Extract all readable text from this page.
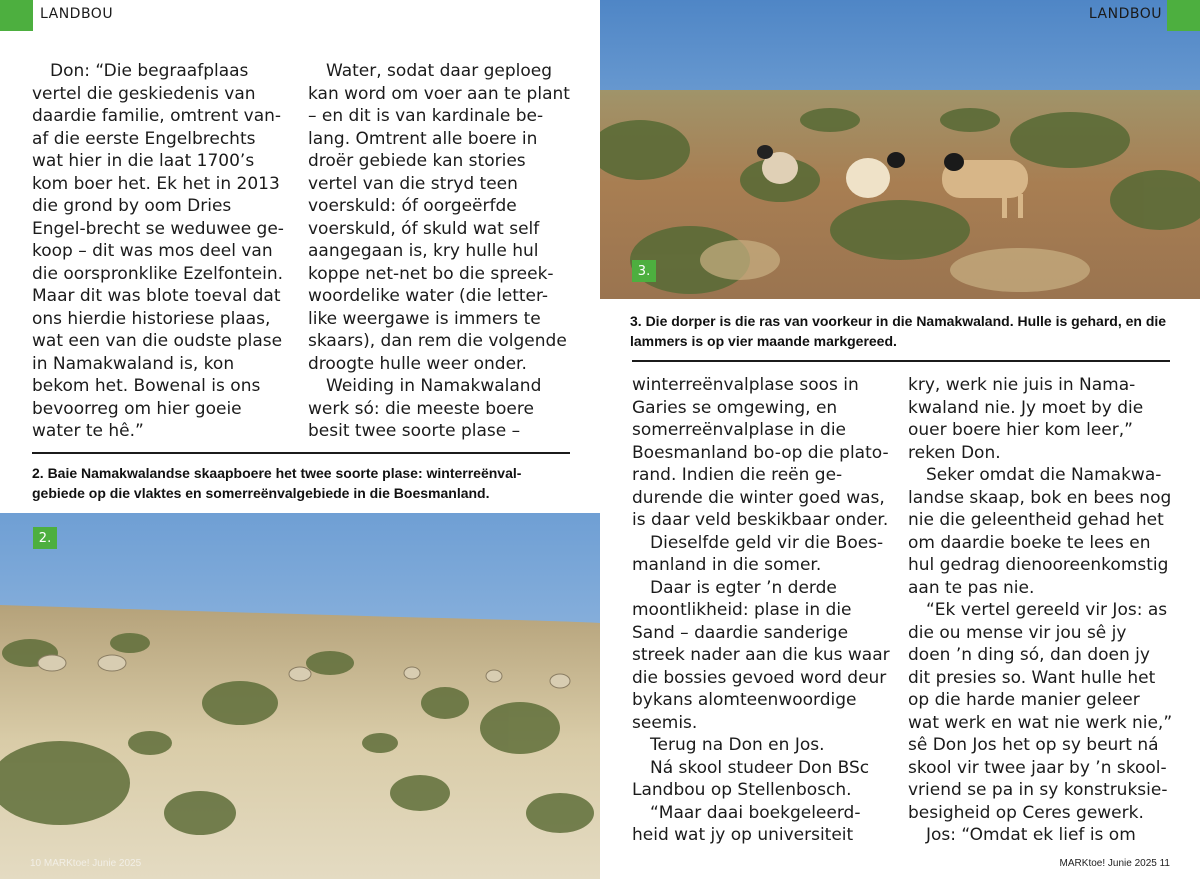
LANDBOU

Don: “Die begraafplaas vertel die geskiedenis van daardie familie, omtrent van-af die eerste Engelbrechts wat hier in die laat 1700’s kom boer het. Ek het in 2013 die grond by oom Dries Engel-brecht se weduwee ge-koop – dit was mos deel van die oorspronklike Ezelfontein. Maar dit was blote toeval dat ons hierdie historiese plaas, wat een van die oudste plase in Namakwaland is, kon bekom het. Bowenal is ons bevoorreg om hier goeie water te hê.”

Water, sodat daar geploeg kan word om voer aan te plant – en dit is van kardinale be-lang. Omtrent alle boere in droër gebiede kan stories vertel van die stryd teen voerskuld: óf oorgeërfde voerskuld, óf skuld wat self aangegaan is, kry hulle hul koppe net-net bo die spreek-woordelike water (die letter-like weergawe is immers te skaars), dan rem die volgende droogte hulle weer onder.

Weiding in Namakwaland werk só: die meeste boere besit twee soorte plase –

2. Baie Namakwalandse skaapboere het twee soorte plase: winterreënval-gebiede op die vlaktes en somerreënvalgebiede in die Boesmanland.
2.
10 MARKtoe! Junie 2025
3.
LANDBOU
3. Die dorper is die ras van voorkeur in die Namakwaland. Hulle is gehard, en die lammers is op vier maande markgereed.

winterreënvalplase soos in Garies se omgewing, en somerreënvalplase in die Boesmanland bo-op die plato-rand. Indien die reën ge-durende die winter goed was, is daar veld beskikbaar onder.

Dieselfde geld vir die Boes-manland in die somer.

Daar is egter ’n derde moontlikheid: plase in die Sand – daardie sanderige streek nader aan die kus waar die bossies gevoed word deur bykans alomteenwoordige seemis.

Terug na Don en Jos.

Ná skool studeer Don BSc Landbou op Stellenbosch.

“Maar daai boekgeleerd-heid wat jy op universiteit

kry, werk nie juis in Nama-kwaland nie. Jy moet by die ouer boere hier kom leer,” reken Don.

Seker omdat die Namakwa-landse skaap, bok en bees nog nie die geleentheid gehad het om daardie boeke te lees en hul gedrag dienooreenkomstig aan te pas nie.

“Ek vertel gereeld vir Jos: as die ou mense vir jou sê jy doen ’n ding só, dan doen jy dit presies so. Want hulle het op die harde manier geleer wat werk en wat nie werk nie,” sê Don Jos het op sy beurt ná skool vir twee jaar by ’n skool-vriend se pa in sy konstruksie-besigheid op Ceres gewerk.

Jos: “Omdat ek lief is om

MARKtoe! Junie 2025 11
